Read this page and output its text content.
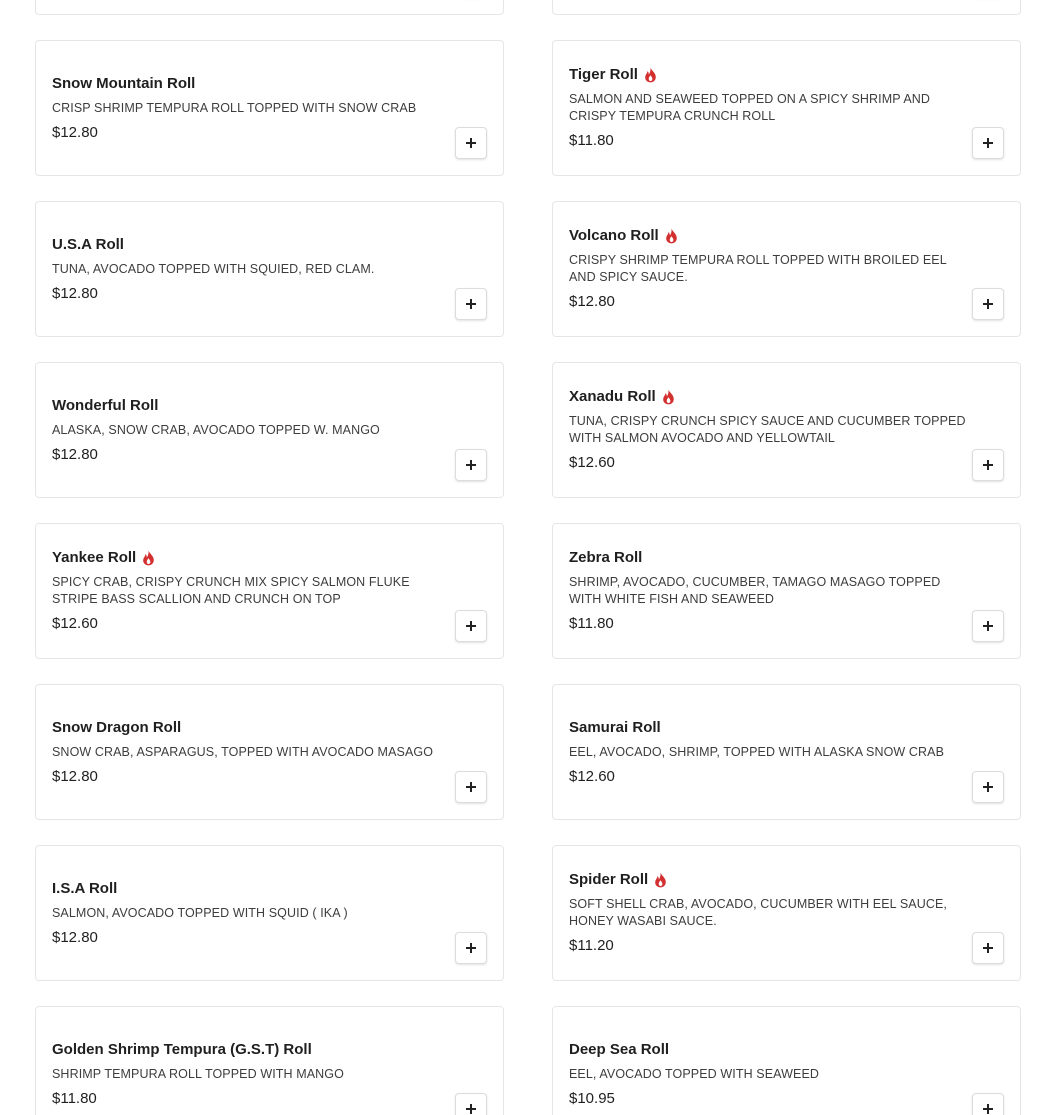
Snow Mountain Roll
CRISP SHRIMP TEMPURA ROLL TOPPED WITH SNOW CRAB
$12.80
Tiger Roll
SALMON AND SEAWEED TOPPED ON A SPICY SHRIMP AND CRISPY TEMPURA CRUNCH ROLL
$11.80
U.S.A Roll
TUNA, AVOCADO TOPPED WITH SQUIED, RED CLAM.
$12.80
Volcano Roll
CRISPY SHRIMP TEMPURA ROLL TOPPED WITH BROILED EEL AND SPICY SAUCE.
$12.80
Wonderful Roll
ALASKA, SNOW CRAB, AVOCADO TOPPED W. MANGO
$12.80
Xanadu Roll
TUNA, CRISPY CRUNCH SPICY SAUCE AND CUCUMBER TOPPED WITH SALMON AVOCADO AND YELLOWTAIL
$12.60
Yankee Roll
SPICY CRAB, CRISPY CRUNCH MIX SPICY SALMON FLUKE STRIPE BASS SCALLION AND CRUNCH ON TOP
$12.60
Zebra Roll
SHRIMP, AVOCADO, CUCUMBER, TAMAGO MASAGO TOPPED WITH WHITE FISH AND SEAWEED
$11.80
Snow Dragon Roll
SNOW CRAB, ASPARAGUS, TOPPED WITH AVOCADO MASAGO
$12.80
Samurai Roll
EEL, AVOCADO, SHRIMP, TOPPED WITH ALASKA SNOW CRAB
$12.60
I.S.A Roll
SALMON, AVOCADO TOPPED WITH SQUID ( IKA )
$12.80
Spider Roll
SOFT SHELL CRAB, AVOCADO, CUCUMBER WITH EEL SAUCE, HONEY WASABI SAUCE.
$11.20
Golden Shrimp Tempura (G.S.T) Roll
SHRIMP TEMPURA ROLL TOPPED WITH MANGO
$11.80
Deep Sea Roll
EEL, AVOCADO TOPPED WITH SEAWEED
$10.95
